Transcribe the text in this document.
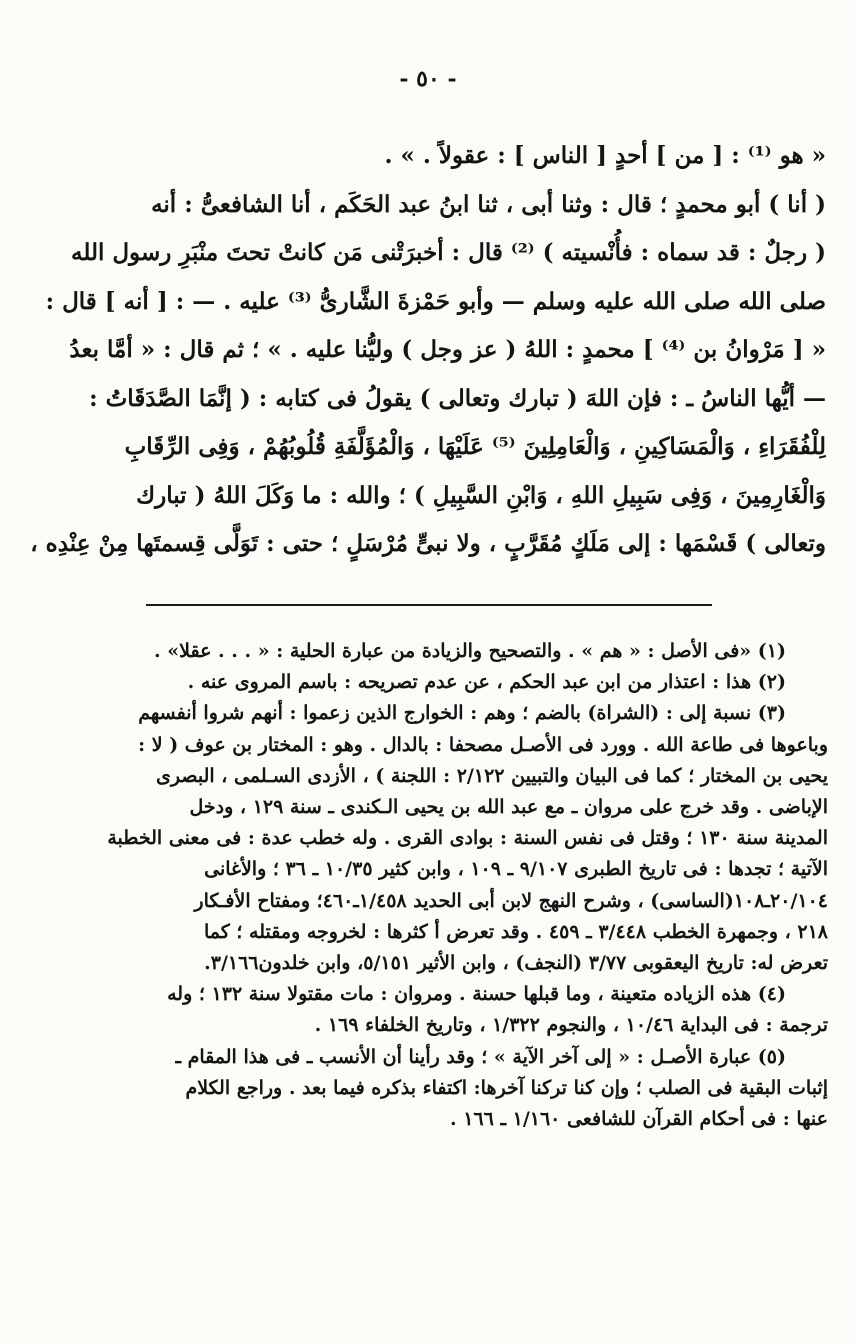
- ٥٠ -
« هو ⁽¹⁾ : [ من ] أحدٍ [ الناس ] : عقولاً . » .
( أنا ) أبو محمدٍ ؛ قال : وثنا أبى ، ثنا ابنُ عبد الحَكَم ، أنا الشافعىُّ : أنه
( رجلٌ : قد سماه : فأُنْسيته ) ⁽²⁾ قال : أخبرَتْنى مَن كانتْ تحتَ منْبَرِ رسول الله
صلى الله صلى الله عليه وسلم — وأبو حَمْزةَ الشَّارىُّ ⁽³⁾ عليه . — : [ أنه ] قال :
« [ مَرْوانُ بن ⁽⁴⁾ ] محمدٍ : اللهُ ( عز وجل ) وليُّنا عليه . » ؛ ثم قال : « أمَّا بعدُ
— أيُّها الناسُ ـ : فإن اللهَ ( تبارك وتعالى ) يقولُ فى كتابه : ( إنَّمَا الصَّدَقَاتُ :
لِلْفُقَرَاءِ ، وَالْمَسَاكِينِ ، وَالْعَامِلِينَ ⁽⁵⁾ عَلَيْهَا ، وَالْمُؤَلَّفَةِ قُلُوبُهُمْ ، وَفِى الرِّقَابِ
وَالْغَارِمِينَ ، وَفِى سَبِيلِ اللهِ ، وَابْنِ السَّبِيلِ ) ؛ والله : ما وَكَلَ اللهُ ( تبارك
وتعالى ) قَسْمَها : إلى مَلَكٍ مُقَرَّبٍ ، ولا نبىٍّ مُرْسَلٍ ؛ حتى : تَوَلَّى قِسمتَها مِنْ عِنْدِه ،
(١) «فى الأصل : « هم » . والتصحيح والزيادة من عبارة الحلية : « . . . عقلا» .
(٢) هذا : اعتذار من ابن عبد الحكم ، عن عدم تصريحه : باسم المروى عنه .
(٣) نسبة إلى : (الشراة) بالضم ؛ وهم : الخوارج الذين زعموا : أنهم شروا أنفسهم
وباعوها فى طاعة الله . وورد فى الأصـل مصحفا : بالدال . وهو : المختار بن عوف ( لا :
يحيى بن المختار ؛ كما فى البيان والتبيين ٢/١٢٢ : اللجنة ) ، الأزدى السـلمى ، البصرى
الإباضى . وقد خرج على مروان ـ مع عبد الله بن يحيى الـكندى ـ سنة ١٢٩ ، ودخل
المدينة سنة ١٣٠ ؛ وقتل فى نفس السنة : بوادى القرى . وله خطب عدة : فى معنى الخطبة
الآتية ؛ تجدها : فى تاريخ الطبرى ٩/١٠٧ ـ ١٠٩ ، وابن كثير ١٠/٣٥ ـ ٣٦ ؛ والأغانى
٢٠/١٠٤ـ١٠٨(الساسى) ، وشرح النهج لابن أبى الحديد ١/٤٥٨ـ٤٦٠؛ ومفتاح الأفـكار
٢١٨ ، وجمهرة الخطب ٣/٤٤٨ ـ ٤٥٩ . وقد تعرض أ كثرها : لخروجه ومقتله ؛ كما
تعرض له: تاريخ اليعقوبى ٣/٧٧ (النجف) ، وابن الأثير ٥/١٥١، وابن خلدون٣/١٦٦.
(٤) هذه الزياده متعينة ، وما قبلها حسنة . ومروان : مات مقتولا سنة ١٣٢ ؛ وله
ترجمة : فى البداية ١٠/٤٦ ، والنجوم ١/٣٢٢ ، وتاريخ الخلفاء ١٦٩ .
(٥) عبارة الأصـل : « إلى آخر الآية » ؛ وقد رأينا أن الأنسب ـ فى هذا المقام ـ
إثبات البقية فى الصلب ؛ وإن كنا تركنا آخرها: اكتفاء بذكره فيما بعد . وراجع الكلام
عنها : فى أحكام القرآن للشافعى ١/١٦٠ ـ ١٦٦ .
